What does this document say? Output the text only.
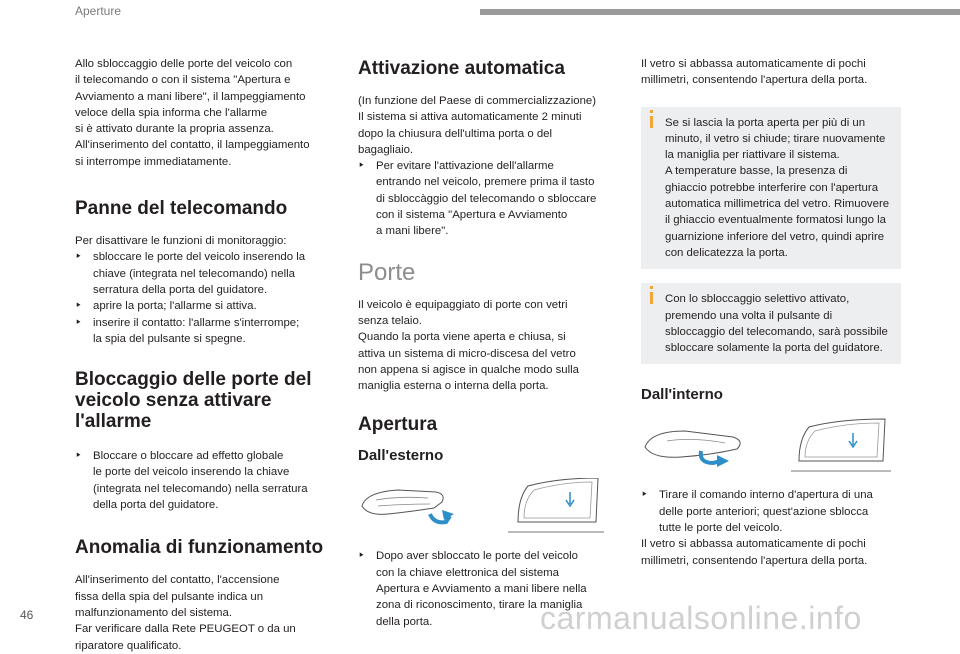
Aperture

Allo sbloccaggio delle porte del veicolo con

il telecomando o con il sistema "Apertura e

Avviamento a mani libere", il lampeggiamento

veloce della spia informa che l'allarme

si è attivato durante la propria assenza.

All'inserimento del contatto, il lampeggiamento

si interrompe immediatamente.

Panne del telecomando

Per disattivare le funzioni di monitoraggio:

‣ sbloccare le porte del veicolo inserendo la
chiave (integrata nel telecomando) nella
serratura della porta del guidatore.
‣ aprire la porta; l'allarme si attiva.
‣ inserire il contatto: l'allarme s'interrompe;
la spia del pulsante si spegne.
Bloccaggio delle porte del
veicolo senza attivare l'allarme
‣ Bloccare o bloccare ad effetto globale
le porte del veicolo inserendo la chiave
(integrata nel telecomando) nella serratura
della porta del guidatore.
Anomalia di funzionamento

All'inserimento del contatto, l'accensione

fissa della spia del pulsante indica un

malfunzionamento del sistema.

Far verificare dalla Rete PEUGEOT o da un

riparatore qualificato.

Attivazione automatica

(In funzione del Paese di commercializzazione)

Il sistema si attiva automaticamente 2 minuti

dopo la chiusura dell'ultima porta o del

bagagliaio.

‣ Per evitare l'attivazione dell'allarme
entrando nel veicolo, premere prima il tasto
di sbloccàggio del telecomando o sbloccare
con il sistema "Apertura e Avviamento
a mani libere".
Porte

Il veicolo è equipaggiato di porte con vetri

senza telaio.

Quando la porta viene aperta e chiusa, si

attiva un sistema di micro-discesa del vetro

non appena si agisce in qualche modo sulla

maniglia esterna o interna della porta.

Apertura
Dall'esterno
‣ Dopo aver sbloccato le porte del veicolo
con la chiave elettronica del sistema
Apertura e Avviamento a mani libere nella
zona di riconoscimento, tirare la maniglia
della porta.

Il vetro si abbassa automaticamente di pochi

millimetri, consentendo l'apertura della porta.

Se si lascia la porta aperta per più di un

minuto, il vetro si chiude; tirare nuovamente

la maniglia per riattivare il sistema.

A temperature basse, la presenza di

ghiaccio potrebbe interferire con l'apertura

automatica millimetrica del vetro. Rimuovere

il ghiaccio eventualmente formatosi lungo la

guarnizione inferiore del vetro, quindi aprire

con delicatezza la porta.

Con lo sbloccaggio selettivo attivato,

premendo una volta il pulsante di

sbloccaggio del telecomando, sarà possibile

sbloccare solamente la porta del guidatore.

Dall'interno
‣ Tirare il comando interno d'apertura di una
delle porte anteriori; quest'azione sblocca
tutte le porte del veicolo.

Il vetro si abbassa automaticamente di pochi

millimetri, consentendo l'apertura della porta.

46	carmanualsonline.info
